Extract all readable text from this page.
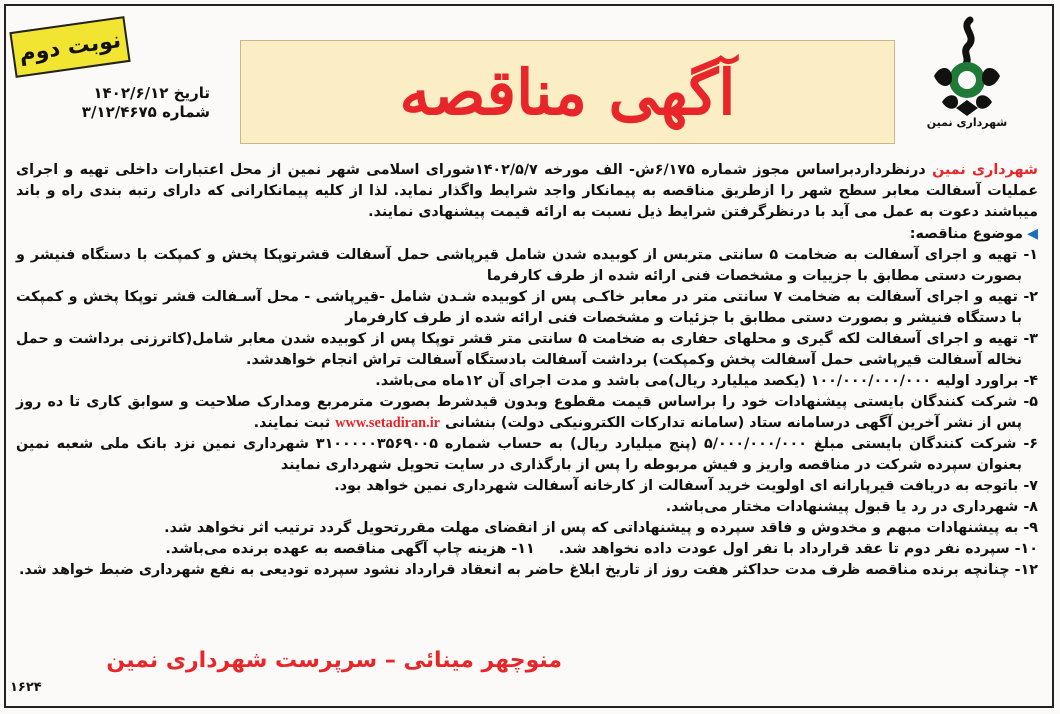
نوبت دوم
تاریخ ۱۴۰۲/۶/۱۲
شماره ۳/۱۲/۴۶۷۵	آگهی مناقصه	شهرداری نمین

شهرداری نمین درنظرداردبراساس مجوز شماره ۶/۱۷۵ش- الف مورخه ۱۴۰۲/۵/۷شورای اسلامی شهر نمین از محل اعتبارات داخلی تهیه و اجرای عملیات آسفالت معابر سطح شهر را ازطریق مناقصه به پیمانکار واجد شرایط واگذار نماید. لذا از کلیه پیمانکارانی که دارای رتبه بندی راه و باند میباشند دعوت به عمل می آید با درنظرگرفتن شرایط ذیل نسبت به ارائه قیمت پیشنهادی نمایند.

◀موضوع مناقصه:
۱- تهیه و اجرای آسفالت به ضخامت ۵ سانتی متربس از کوبیده شدن شامل قیرپاشی حمل آسفالت قشرتوپکا پخش و کمپکت با دستگاه فنیشر و بصورت دستی مطابق با جزییات و مشخصات فنی ارائه شده از طرف کارفرما
۲- تهیه و اجرای آسفالت به ضخامت ۷ سانتی متر در معابر خاکـی پس از کوبیده شـدن شامل -قیرپاشی - محل آسـفالت قشر توپکا پخش و کمپکت با دستگاه فنیشر و بصورت دستی مطابق با جزئیات و مشخصات فنی ارائه شده از طرف کارفرمار
۳- تهیه و اجرای آسفالت لکه گیری و محلهای حفاری به ضخامت ۵ سانتی متر قشر توپکا پس از کوبیده شدن معابر شامل(کاترزنی برداشت و حمل نخاله آسفالت قیرپاشی حمل آسفالت پخش وکمپکت) برداشت آسفالت بادستگاه آسفالت تراش انجام خواهدشد.
۴- براورد اولیه ۱۰۰/۰۰۰/۰۰۰/۰۰۰ (یکصد میلیارد ریال)می باشد و مدت اجرای آن ۱۲ماه می‌باشد.
۵- شرکت کنندگان بایستی پیشنهادات خود را براساس قیمت مقطوع وبدون قیدشرط بصورت مترمربع ومدارک صلاحیت و سوابق کاری تا ده روز پس از نشر آخرین آگهی درسامانه ستاد (سامانه تدارکات الکترونیکی دولت) بنشانی www.setadiran.ir ثبت نمایند.
۶- شرکت کنندگان بایستی مبلغ ۵/۰۰۰/۰۰۰/۰۰۰ (پنج میلیارد ریال) به حساب شماره ۳۱۰۰۰۰۰۳۵۶۹۰۰۵ شهرداری نمین نزد بانک ملی شعبه نمین بعنوان سپرده شرکت در مناقصه واریز و فیش مربوطه را پس از بارگذاری در سایت تحویل شهرداری نمایند
۷- باتوجه به دریافت قیرپارانه ای اولویت خرید آسفالت از کارخانه آسفالت شهرداری نمین خواهد بود.
۸- شهرداری در رد یا قبول پیشنهادات مختار می‌باشد.
۹- به پیشنهادات مبهم و مخدوش و فاقد سپرده و پیشنهاداتی که پس از انقضای مهلت مقررتحویل گردد ترتیب اثر نخواهد شد.
۱۰- سپرده نفر دوم تا عقد قرارداد با نفر اول عودت داده نخواهد شد.
۱۱- هزینه چاپ آگهی مناقصه به عهده برنده می‌باشد.
۱۲- چنانچه برنده مناقصه ظرف مدت حداکثر هفت روز از تاریخ ابلاغ حاضر به انعقاد قرارداد نشود سپرده تودیعی به نفع شهرداری ضبط خواهد شد.
منوچهر مینائی – سرپرست شهرداری نمین
۱۶۲۴
